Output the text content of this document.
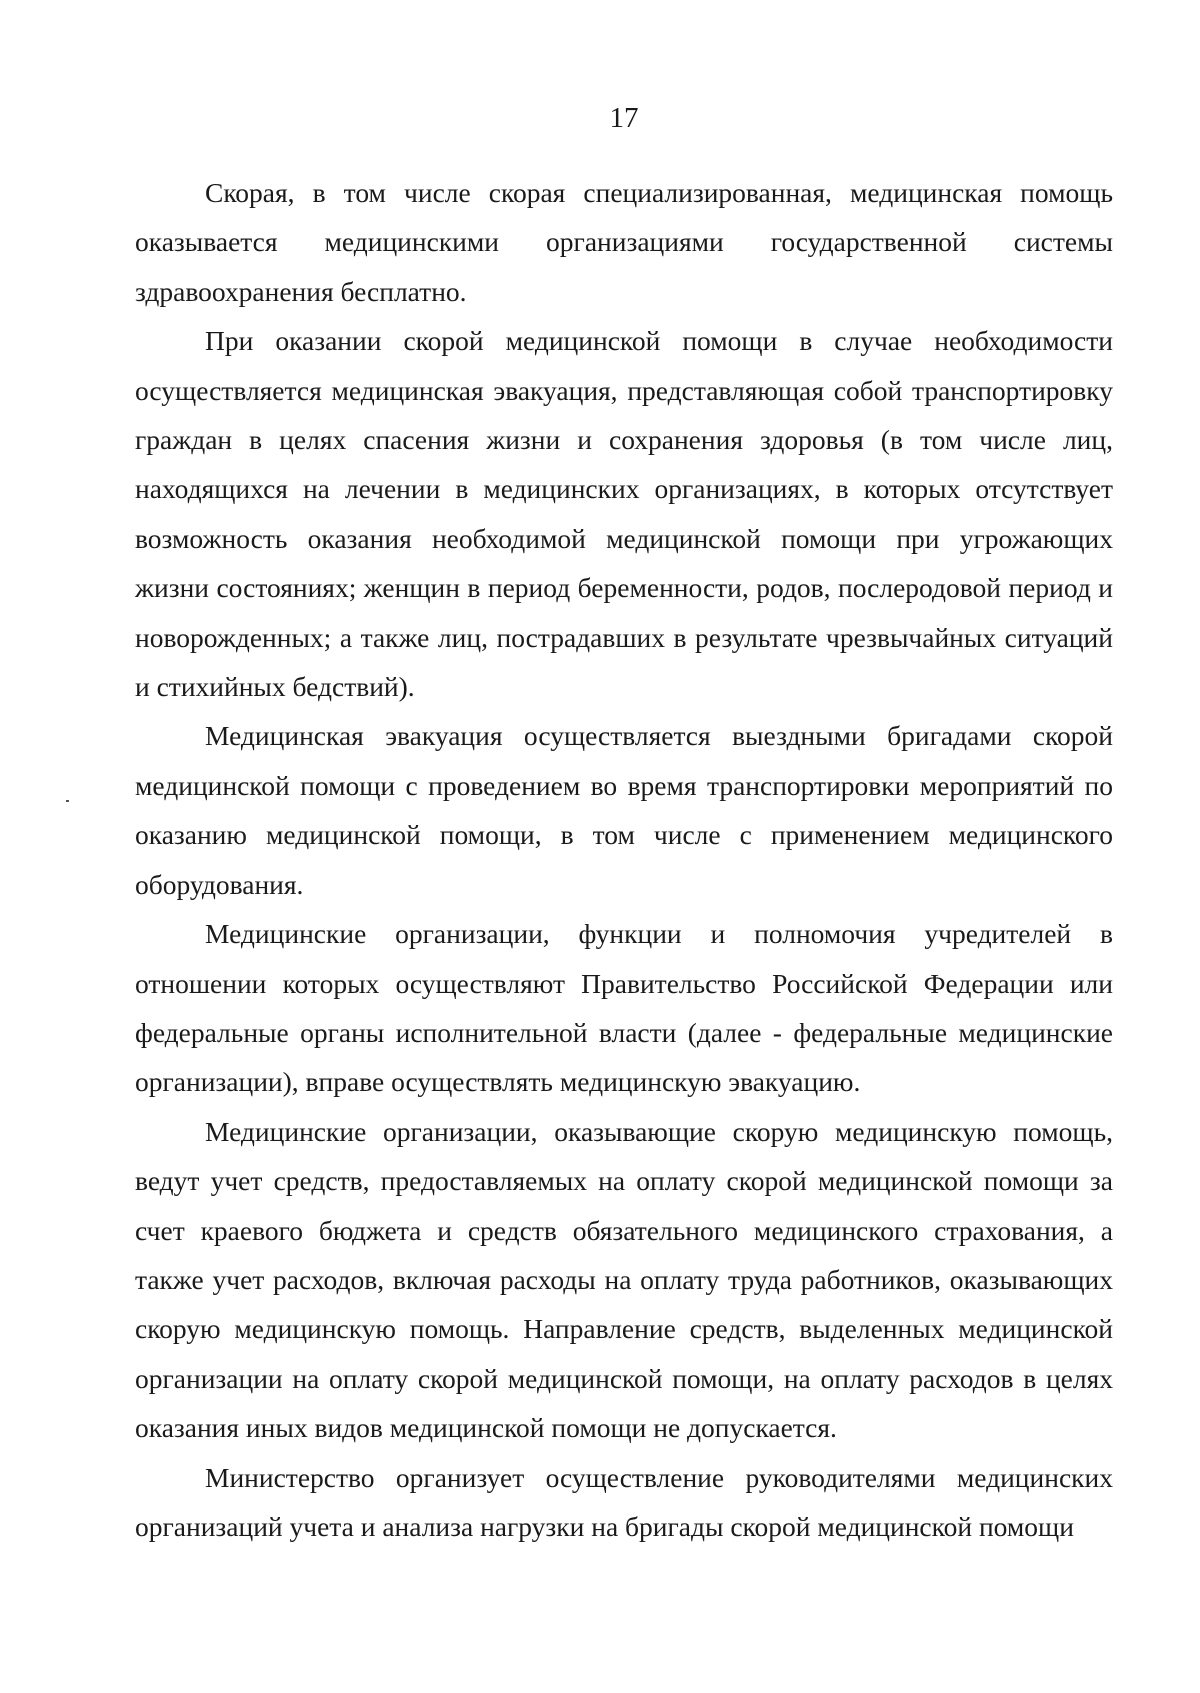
17

Скорая, в том числе скорая специализированная, медицинская помощь оказывается медицинскими организациями государственной системы здравоохранения бесплатно.

При оказании скорой медицинской помощи в случае необходимости осуществляется медицинская эвакуация, представляющая собой транспортировку граждан в целях спасения жизни и сохранения здоровья (в том числе лиц, находящихся на лечении в медицинских организациях, в которых отсутствует возможность оказания необходимой медицинской помощи при угрожающих жизни состояниях; женщин в период беременности, родов, послеродовой период и новорожденных; а также лиц, пострадавших в результате чрезвычайных ситуаций и стихийных бедствий).

Медицинская эвакуация осуществляется выездными бригадами скорой медицинской помощи с проведением во время транспортировки мероприятий по оказанию медицинской помощи, в том числе с применением медицинского оборудования.

Медицинские организации, функции и полномочия учредителей в отношении которых осуществляют Правительство Российской Федерации или федеральные органы исполнительной власти (далее - федеральные медицинские организации), вправе осуществлять медицинскую эвакуацию.

Медицинские организации, оказывающие скорую медицинскую помощь, ведут учет средств, предоставляемых на оплату скорой медицинской помощи за счет краевого бюджета и средств обязательного медицинского страхования, а также учет расходов, включая расходы на оплату труда работников, оказывающих скорую медицинскую помощь. Направление средств, выделенных медицинской организации на оплату скорой медицинской помощи, на оплату расходов в целях оказания иных видов медицинской помощи не допускается.

Министерство организует осуществление руководителями медицинских организаций учета и анализа нагрузки на бригады скорой медицинской помощи
